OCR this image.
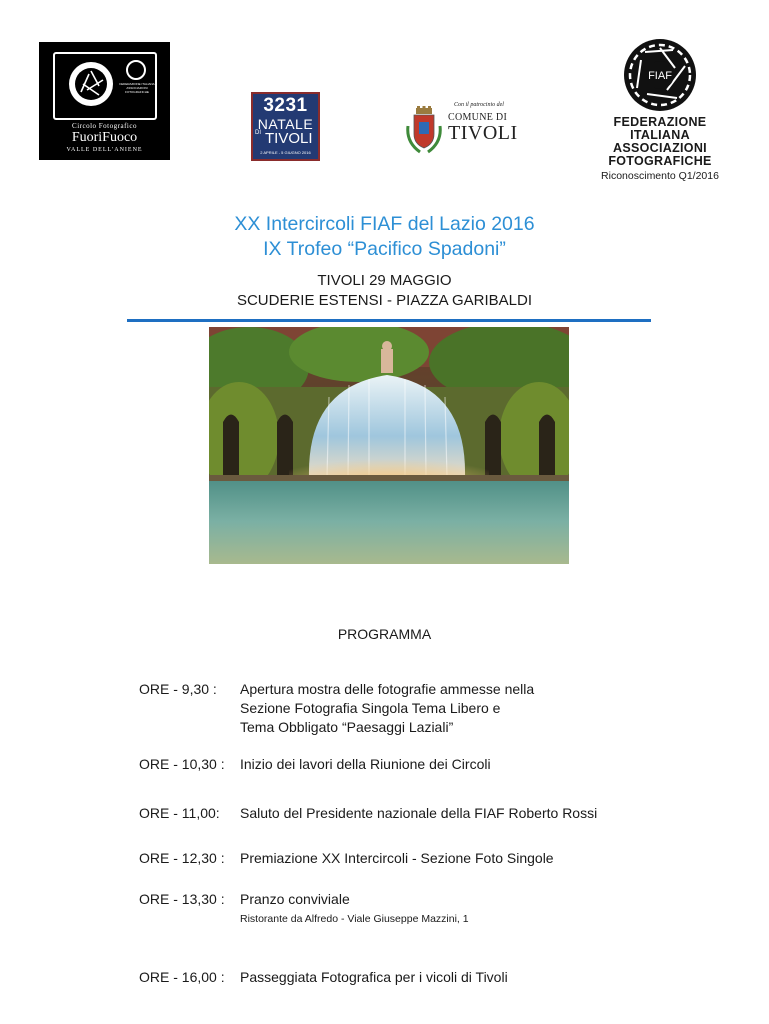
FEDERAZIONE ITALIANA ASSOCIAZIONI FOTOGRAFICHE
Circolo Fotografico
FuoriFuoco
VALLE DELL'ANIENE
3231
NATALE
DI TIVOLI
2 APRILE - 5 GIUGNO 2016
Con il patrocinio del
COMUNE DI
TIVOLI
FIAF
FEDERAZIONE
ITALIANA
ASSOCIAZIONI
FOTOGRAFICHE
Riconoscimento Q1/2016
XX Intercircoli FIAF del Lazio 2016
IX Trofeo “Pacifico Spadoni”
TIVOLI 29 MAGGIO
SCUDERIE ESTENSI - PIAZZA GARIBALDI
PROGRAMMA
ORE - 9,30 : Apertura mostra delle fotografie ammesse nella
Sezione Fotografia Singola Tema Libero e
Tema Obbligato “Paesaggi Laziali”
ORE - 10,30 : Inizio dei lavori della Riunione dei Circoli
ORE - 11,00: Saluto del Presidente nazionale della FIAF Roberto Rossi
ORE - 12,30 : Premiazione XX Intercircoli - Sezione Foto Singole
ORE - 13,30 : Pranzo conviviale
Ristorante da Alfredo - Viale Giuseppe Mazzini, 1
ORE - 16,00 : Passeggiata Fotografica per i vicoli di Tivoli
